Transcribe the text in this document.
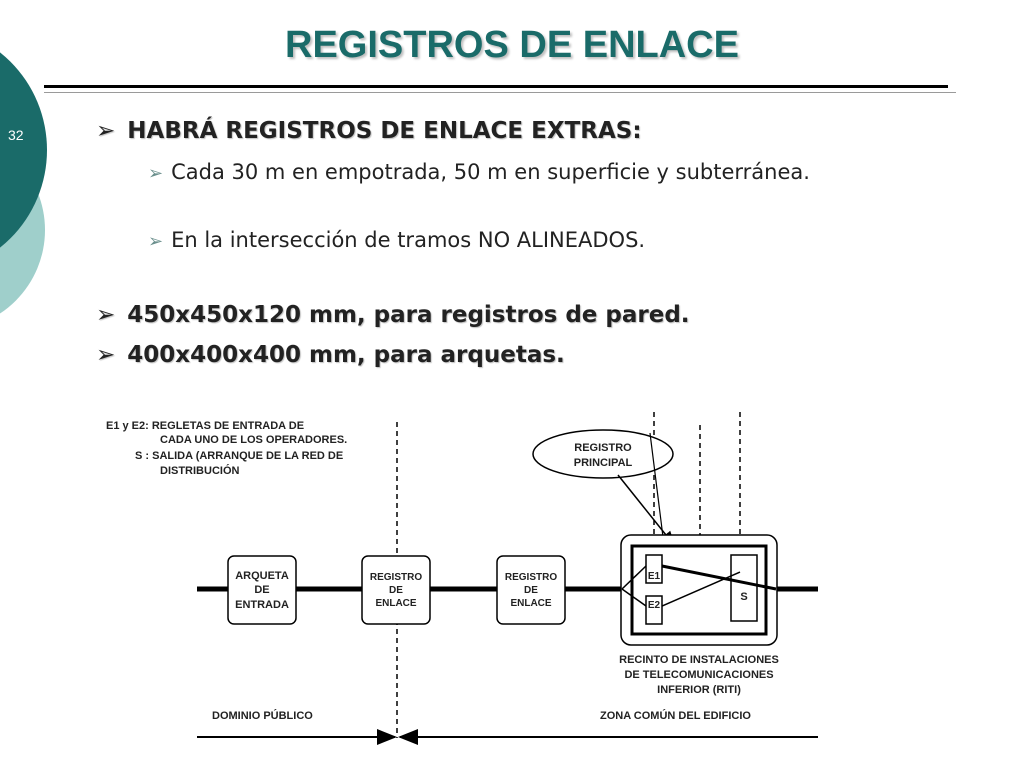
REGISTROS DE ENLACE
32	➢ HABRÁ REGISTROS DE ENLACE EXTRAS:
➢ Cada 30 m en empotrada, 50 m en superficie y subterránea.
➢ En la intersección de tramos NO ALINEADOS.
➢ 450x450x120 mm, para registros de pared.
➢ 400x400x400 mm, para arquetas.
E1 y E2: REGLETAS DE ENTRADA DE
CADA UNO DE LOS OPERADORES.
S : SALIDA (ARRANQUE DE LA RED DE
DISTRIBUCIÓN
ARQUETA
DE
ENTRADA
REGISTRO
DE
ENLACE
REGISTRO
DE
ENLACE
REGISTRO
PRINCIPAL
E1
E2
S
RECINTO DE INSTALACIONES
DE TELECOMUNICACIONES
INFERIOR (RITI)
DOMINIO PÚBLICO	ZONA COMÚN DEL EDIFICIO
